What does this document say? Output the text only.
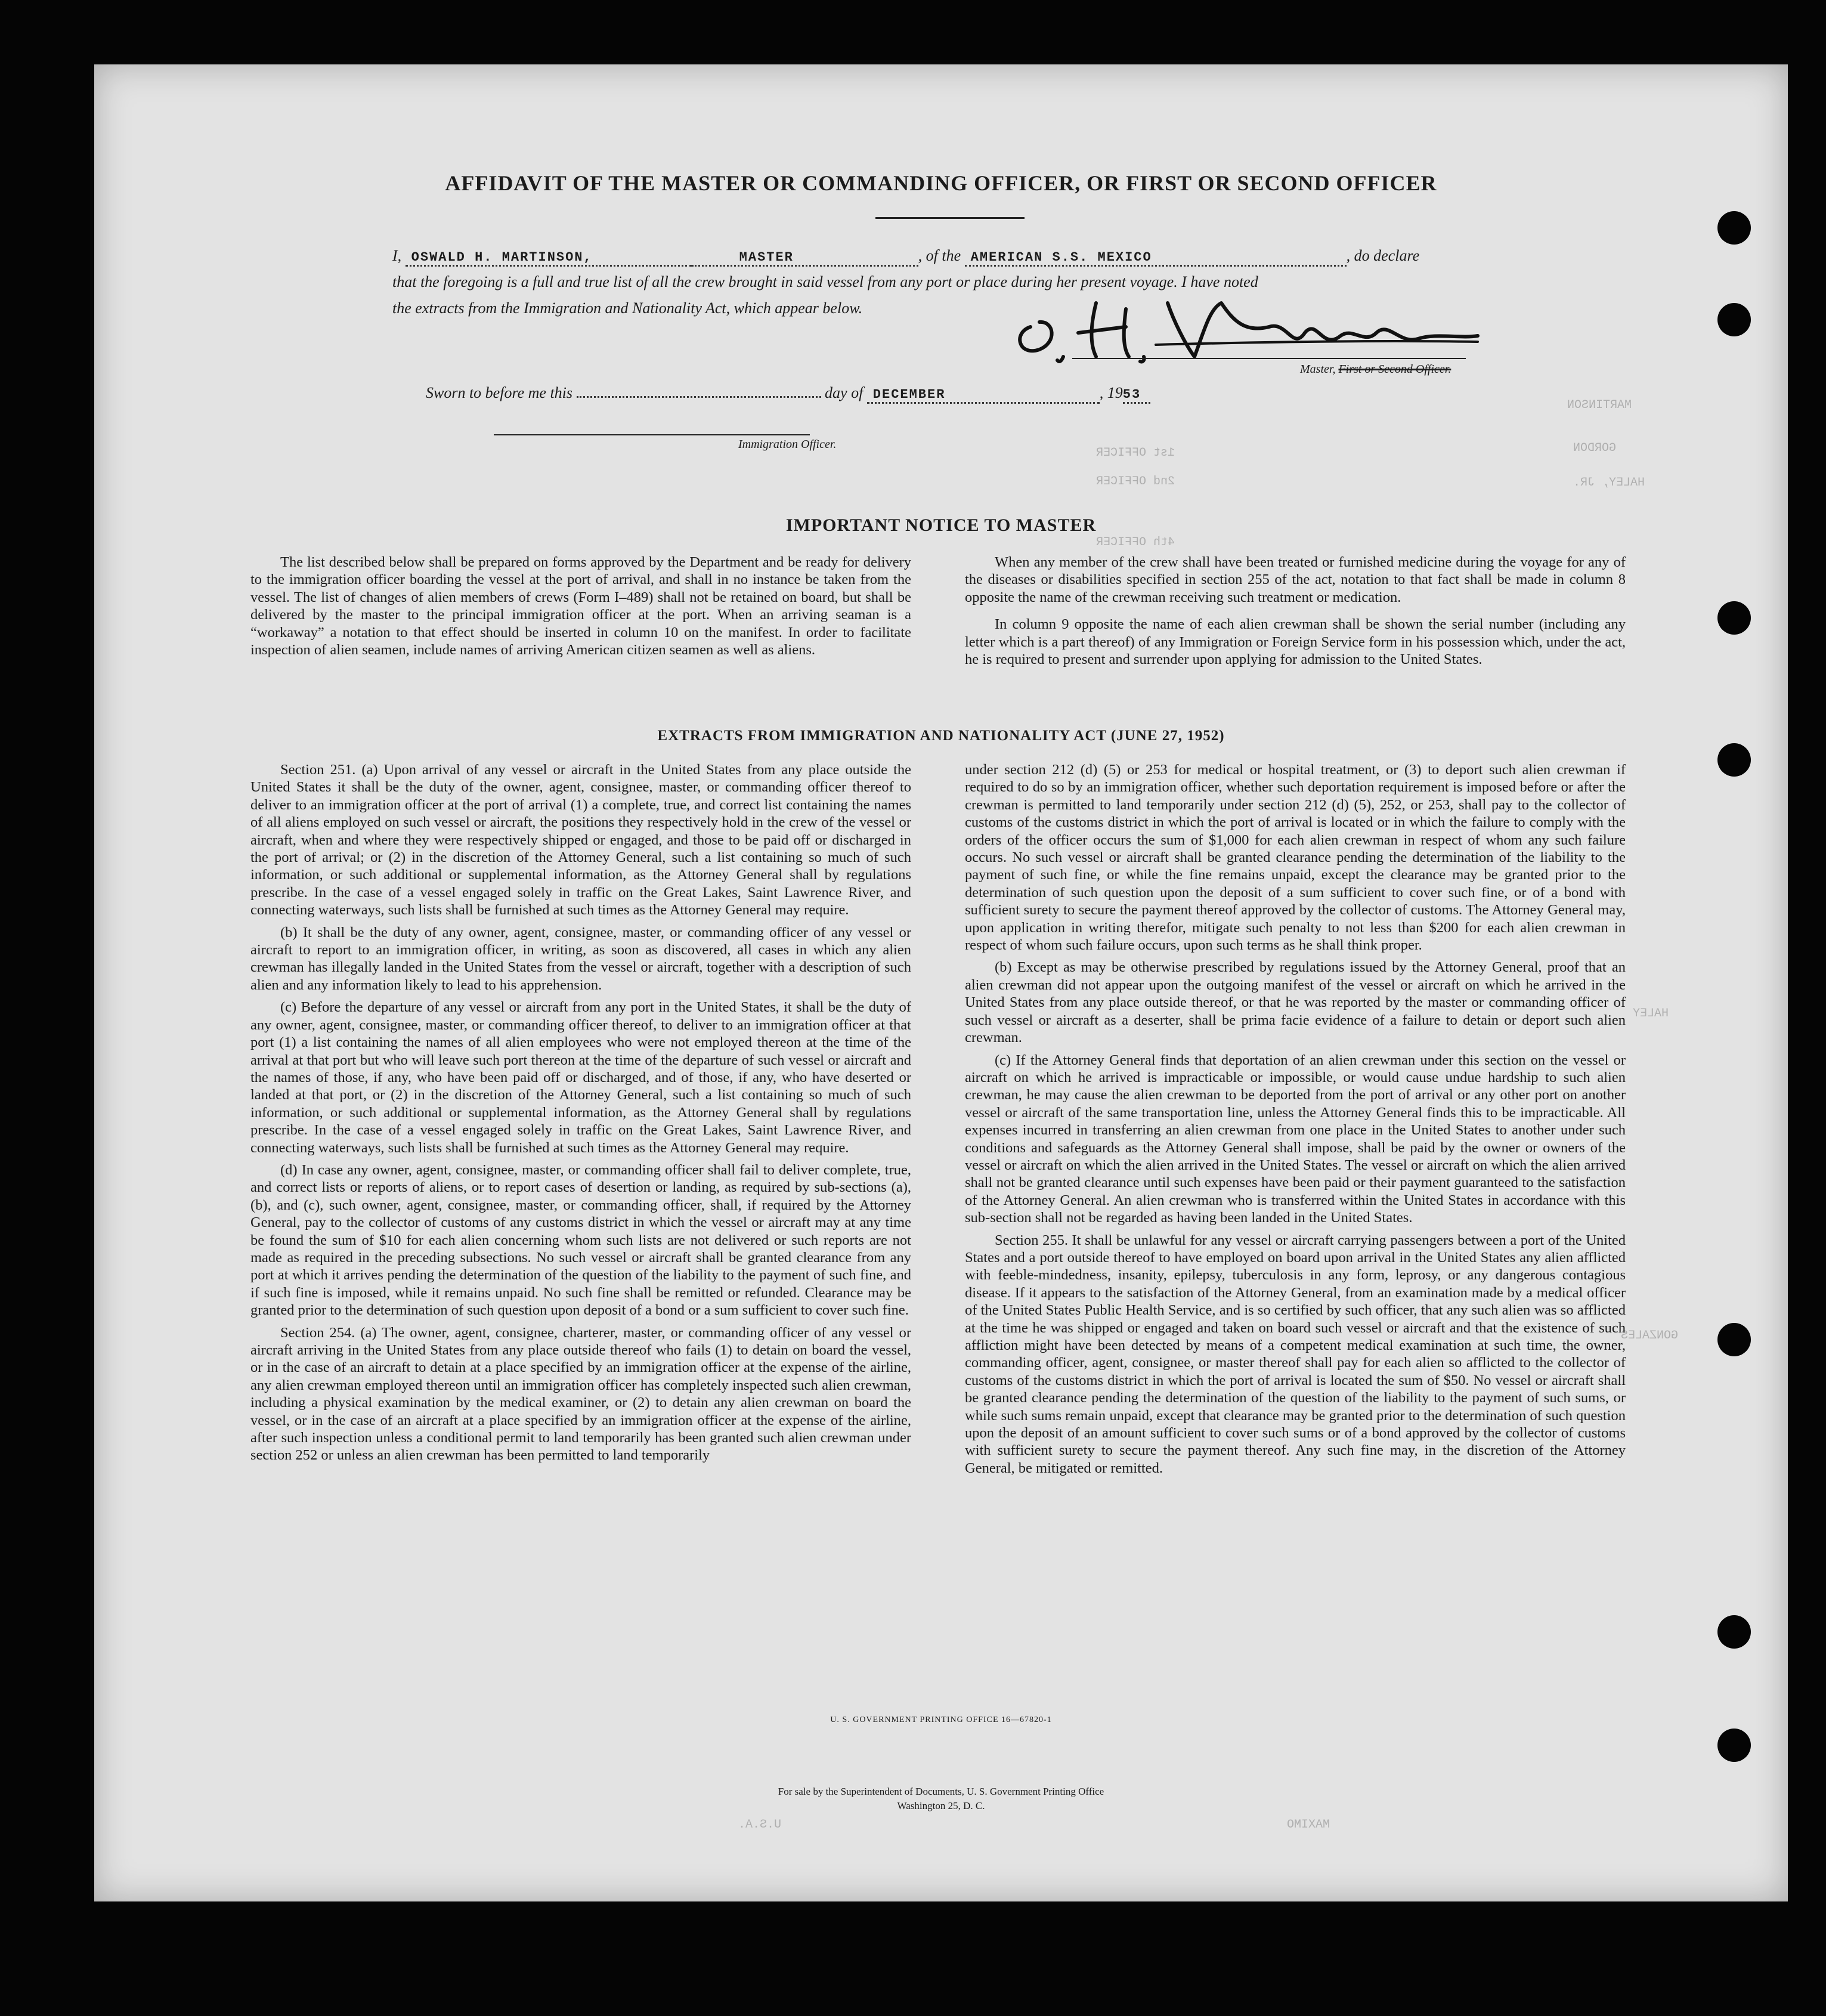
MARTINSON
GORDON
HALEY, JR.
GONZALES
HALEY
1st OFFICER
2nd OFFICER
4th OFFICER
U.S.A.	MAXIMO
AFFIDAVIT OF THE MASTER OR COMMANDING OFFICER, OR FIRST OR SECOND OFFICER
I, OSWALD H. MARTINSON,	MASTER	, of the AMERICAN S.S. MEXICO	, do declare
that the foregoing is a full and true list of all the crew brought in said vessel from any port or place during her present voyage. I have noted
the extracts from the Immigration and Nationality Act, which appear below.
Master, First or Second Officer.
Sworn to before me this	day of DECEMBER	, 1953
Immigration Officer.
IMPORTANT NOTICE TO MASTER

The list described below shall be prepared on forms approved by the Department and be ready for delivery to the immigration officer boarding the vessel at the port of arrival, and shall in no instance be taken from the vessel. The list of changes of alien members of crews (Form I–489) shall not be retained on board, but shall be delivered by the master to the principal immigration officer at the port. When an arriving seaman is a “workaway” a notation to that effect should be inserted in column 10 on the manifest. In order to facilitate inspection of alien seamen, include names of arriving American citizen seamen as well as aliens.

When any member of the crew shall have been treated or furnished medicine during the voyage for any of the diseases or disabilities specified in section 255 of the act, notation to that fact shall be made in column 8 opposite the name of the crewman receiving such treatment or medication.

In column 9 opposite the name of each alien crewman shall be shown the serial number (including any letter which is a part thereof) of any Immigration or Foreign Service form in his possession which, under the act, he is required to present and surrender upon applying for admission to the United States.

EXTRACTS FROM IMMIGRATION AND NATIONALITY ACT (JUNE 27, 1952)

Section 251. (a) Upon arrival of any vessel or aircraft in the United States from any place outside the United States it shall be the duty of the owner, agent, consignee, master, or commanding officer thereof to deliver to an immigration officer at the port of arrival (1) a complete, true, and correct list containing the names of all aliens employed on such vessel or aircraft, the positions they respectively hold in the crew of the vessel or aircraft, when and where they were respectively shipped or engaged, and those to be paid off or discharged in the port of arrival; or (2) in the discretion of the Attorney General, such a list containing so much of such information, or such additional or supplemental information, as the Attorney General shall by regulations prescribe. In the case of a vessel engaged solely in traffic on the Great Lakes, Saint Lawrence River, and connecting waterways, such lists shall be furnished at such times as the Attorney General may require.

(b) It shall be the duty of any owner, agent, consignee, master, or commanding officer of any vessel or aircraft to report to an immigration officer, in writing, as soon as discovered, all cases in which any alien crewman has illegally landed in the United States from the vessel or aircraft, together with a description of such alien and any information likely to lead to his apprehension.

(c) Before the departure of any vessel or aircraft from any port in the United States, it shall be the duty of any owner, agent, consignee, master, or commanding officer thereof, to deliver to an immigration officer at that port (1) a list containing the names of all alien employees who were not employed thereon at the time of the arrival at that port but who will leave such port thereon at the time of the departure of such vessel or aircraft and the names of those, if any, who have been paid off or discharged, and of those, if any, who have deserted or landed at that port, or (2) in the discretion of the Attorney General, such a list containing so much of such information, or such additional or supplemental information, as the Attorney General shall by regulations prescribe. In the case of a vessel engaged solely in traffic on the Great Lakes, Saint Lawrence River, and connecting waterways, such lists shall be furnished at such times as the Attorney General may require.

(d) In case any owner, agent, consignee, master, or commanding officer shall fail to deliver complete, true, and correct lists or reports of aliens, or to report cases of desertion or landing, as required by sub-sections (a), (b), and (c), such owner, agent, consignee, master, or commanding officer, shall, if required by the Attorney General, pay to the collector of customs of any customs district in which the vessel or aircraft may at any time be found the sum of $10 for each alien concerning whom such lists are not delivered or such reports are not made as required in the preceding subsections. No such vessel or aircraft shall be granted clearance from any port at which it arrives pending the determination of the question of the liability to the payment of such fine, and if such fine is imposed, while it remains unpaid. No such fine shall be remitted or refunded. Clearance may be granted prior to the determination of such question upon deposit of a bond or a sum sufficient to cover such fine.

Section 254. (a) The owner, agent, consignee, charterer, master, or commanding officer of any vessel or aircraft arriving in the United States from any place outside thereof who fails (1) to detain on board the vessel, or in the case of an aircraft to detain at a place specified by an immigration officer at the expense of the airline, any alien crewman employed thereon until an immigration officer has completely inspected such alien crewman, including a physical examination by the medical examiner, or (2) to detain any alien crewman on board the vessel, or in the case of an aircraft at a place specified by an immigration officer at the expense of the airline, after such inspection unless a conditional permit to land temporarily has been granted such alien crewman under section 252 or unless an alien crewman has been permitted to land temporarily

under section 212 (d) (5) or 253 for medical or hospital treatment, or (3) to deport such alien crewman if required to do so by an immigration officer, whether such deportation requirement is imposed before or after the crewman is permitted to land temporarily under section 212 (d) (5), 252, or 253, shall pay to the collector of customs of the customs district in which the port of arrival is located or in which the failure to comply with the orders of the officer occurs the sum of $1,000 for each alien crewman in respect of whom any such failure occurs. No such vessel or aircraft shall be granted clearance pending the determination of the liability to the payment of such fine, or while the fine remains unpaid, except the clearance may be granted prior to the determination of such question upon the deposit of a sum sufficient to cover such fine, or of a bond with sufficient surety to secure the payment thereof approved by the collector of customs. The Attorney General may, upon application in writing therefor, mitigate such penalty to not less than $200 for each alien crewman in respect of whom such failure occurs, upon such terms as he shall think proper.

(b) Except as may be otherwise prescribed by regulations issued by the Attorney General, proof that an alien crewman did not appear upon the outgoing manifest of the vessel or aircraft on which he arrived in the United States from any place outside thereof, or that he was reported by the master or commanding officer of such vessel or aircraft as a deserter, shall be prima facie evidence of a failure to detain or deport such alien crewman.

(c) If the Attorney General finds that deportation of an alien crewman under this section on the vessel or aircraft on which he arrived is impracticable or impossible, or would cause undue hardship to such alien crewman, he may cause the alien crewman to be deported from the port of arrival or any other port on another vessel or aircraft of the same transportation line, unless the Attorney General finds this to be impracticable. All expenses incurred in transferring an alien crewman from one place in the United States to another under such conditions and safeguards as the Attorney General shall impose, shall be paid by the owner or owners of the vessel or aircraft on which the alien arrived in the United States. The vessel or aircraft on which the alien arrived shall not be granted clearance until such expenses have been paid or their payment guaranteed to the satisfaction of the Attorney General. An alien crewman who is transferred within the United States in accordance with this sub-section shall not be regarded as having been landed in the United States.

Section 255. It shall be unlawful for any vessel or aircraft carrying passengers between a port of the United States and a port outside thereof to have employed on board upon arrival in the United States any alien afflicted with feeble-mindedness, insanity, epilepsy, tuberculosis in any form, leprosy, or any dangerous contagious disease. If it appears to the satisfaction of the Attorney General, from an examination made by a medical officer of the United States Public Health Service, and is so certified by such officer, that any such alien was so afflicted at the time he was shipped or engaged and taken on board such vessel or aircraft and that the existence of such affliction might have been detected by means of a competent medical examination at such time, the owner, commanding officer, agent, consignee, or master thereof shall pay for each alien so afflicted to the collector of customs of the customs district in which the port of arrival is located the sum of $50. No vessel or aircraft shall be granted clearance pending the determination of the question of the liability to the payment of such sums, or while such sums remain unpaid, except that clearance may be granted prior to the determination of such question upon the deposit of an amount sufficient to cover such sums or of a bond approved by the collector of customs with sufficient surety to secure the payment thereof. Any such fine may, in the discretion of the Attorney General, be mitigated or remitted.

U. S. GOVERNMENT PRINTING OFFICE 16—67820-1
For sale by the Superintendent of Documents, U. S. Government Printing Office
Washington 25, D. C.
